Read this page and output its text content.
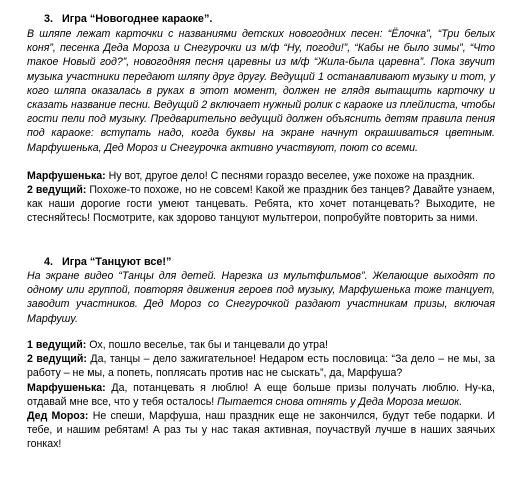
3. Игра “Новогоднее караоке”.

В шляпе лежат карточки с названиями детских новогодних песен: “Ёлочка”, “Три белых коня”, песенка Деда Мороза и Снегурочки из м/ф “Ну, погоди!”, “Кабы не было зимы”, “Что такое Новый год?”, новогодняя песня царевны из м/ф “Жила-была царевна”. Пока звучит музыка участники передают шляпу друг другу. Ведущий 1 останавливают музыку и тот, у кого шляпа оказалась в руках в этот момент, должен не глядя вытащить карточку и сказать название песни. Ведущий 2 включает нужный ролик с караоке из плейлиста, чтобы гости пели под музыку. Предварительно ведущий должен объяснить детям правила пения под караоке: вступать надо, когда буквы на экране начнут окрашиваться цветным. Марфушенька, Дед Мороз и Снегурочка активно участвуют, поют со всеми.

Марфушенька: Ну вот, другое дело! С песнями гораздо веселее, уже похоже на праздник.

2 ведущий: Похоже-то похоже, но не совсем! Какой же праздник без танцев? Давайте узнаем, как наши дорогие гости умеют танцевать. Ребята, кто хочет потанцевать? Выходите, не стесняйтесь! Посмотрите, как здорово танцуют мультгерои, попробуйте повторить за ними.

4. Игра “Танцуют все!”

На экране видео “Танцы для детей. Нарезка из мультфильмов”. Желающие выходят по одному или группой, повторяя движения героев под музыку, Марфушенька тоже танцует, заводит участников. Дед Мороз со Снегурочкой раздают участникам призы, включая Марфушу.

1 ведущий: Ох, пошло веселье, так бы и танцевали до утра!

2 ведущий: Да, танцы – дело зажигательное! Недаром есть пословица: “За дело – не мы, за работу – не мы, а попеть, поплясать против нас не сыскать”, да, Марфуша?

Марфушенька: Да, потанцевать я люблю! А еще больше призы получать люблю. Ну-ка, отдавай мне все, что у тебя осталось! Пытается снова отнять у Деда Мороза мешок.

Дед Мороз: Не спеши, Марфуша, наш праздник еще не закончился, будут тебе подарки. И тебе, и нашим ребятам! А раз ты у нас такая активная, поучаствуй лучше в наших заячьих гонках!
